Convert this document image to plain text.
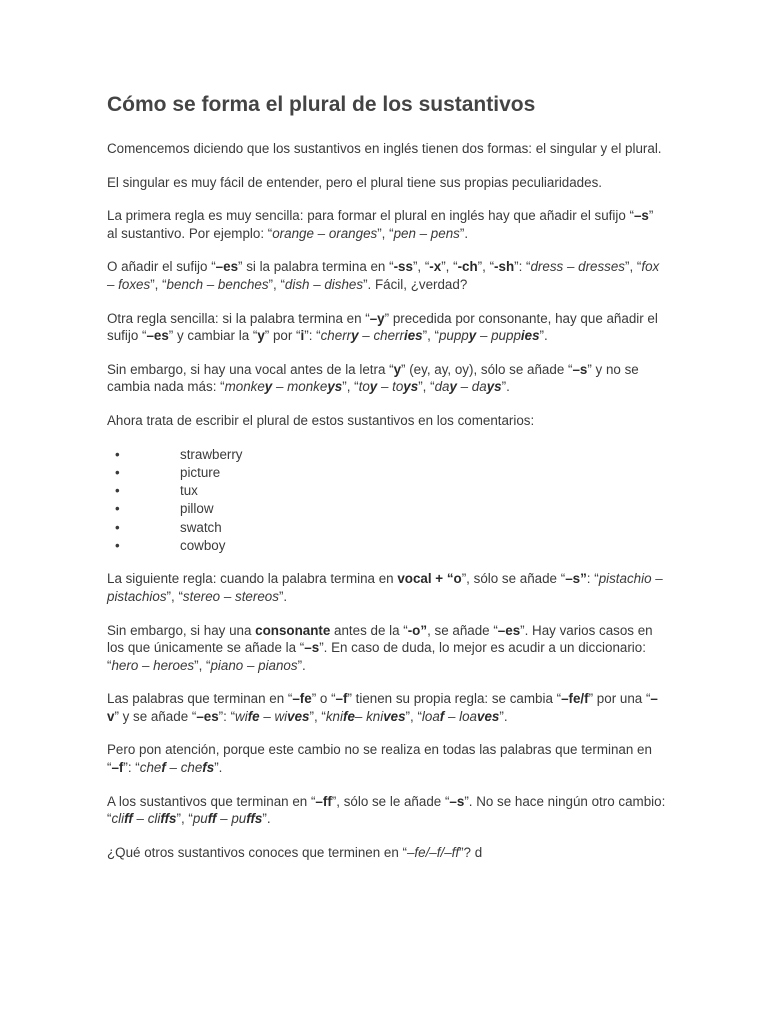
Cómo se forma el plural de los sustantivos

Comencemos diciendo que los sustantivos en inglés tienen dos formas: el singular y el plural.

El singular es muy fácil de entender, pero el plural tiene sus propias peculiaridades.

La primera regla es muy sencilla: para formar el plural en inglés hay que añadir el sufijo “–s” al sustantivo. Por ejemplo: “orange – oranges”, “pen – pens”.

O añadir el sufijo “–es” si la palabra termina en “-ss”, “-x”, “-ch”, “-sh”: “dress – dresses”, “fox – foxes”, “bench – benches”, “dish – dishes”. Fácil, ¿verdad?

Otra regla sencilla: si la palabra termina en “–y” precedida por consonante, hay que añadir el sufijo “–es” y cambiar la “y” por “i”: “cherry – cherries”, “puppy – puppies”.

Sin embargo, si hay una vocal antes de la letra “y” (ey, ay, oy), sólo se añade “–s” y no se cambia nada más: “monkey – monkeys”, “toy – toys”, “day – days”.

Ahora trata de escribir el plural de estos sustantivos en los comentarios:

•	strawberry
•	picture
•	tux
•	pillow
•	swatch
•	cowboy

La siguiente regla: cuando la palabra termina en vocal + “o”, sólo se añade “–s”: “pistachio – pistachios”, “stereo – stereos”.

Sin embargo, si hay una consonante antes de la “-o”, se añade “–es”. Hay varios casos en los que únicamente se añade la “–s”. En caso de duda, lo mejor es acudir a un diccionario: “hero – heroes”, “piano – pianos”.

Las palabras que terminan en “–fe” o “–f” tienen su propia regla: se cambia “–fe/f” por una “–v” y se añade “–es”: “wife – wives”, “knife– knives”, “loaf – loaves”.

Pero pon atención, porque este cambio no se realiza en todas las palabras que terminan en “–f”: “chef – chefs”.

A los sustantivos que terminan en “–ff”, sólo se le añade “–s”. No se hace ningún otro cambio: “cliff – cliffs”, “puff – puffs”.

¿Qué otros sustantivos conoces que terminen en “–fe/–f/–ff”? d
